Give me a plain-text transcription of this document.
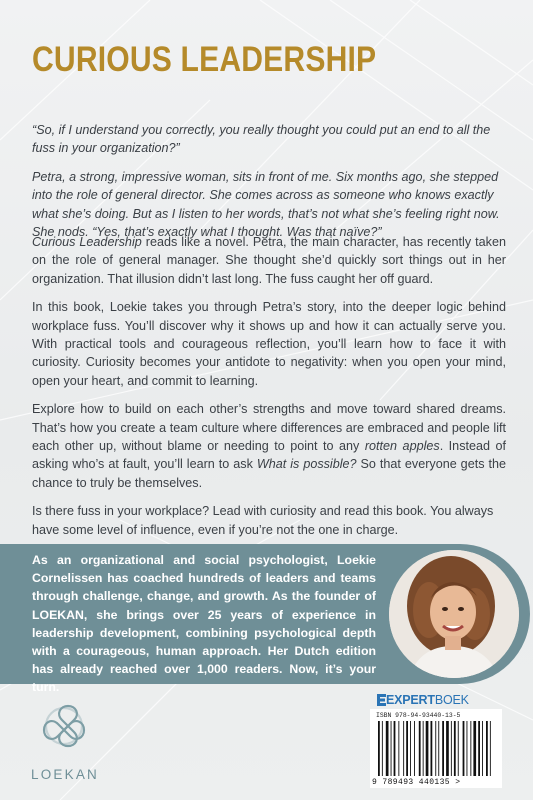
CURIOUS LEADERSHIP

“So, if I understand you correctly, you really thought you could put an end to all the fuss in your organization?”

Petra, a strong, impressive woman, sits in front of me. Six months ago, she stepped into the role of general director. She comes across as someone who knows exactly what she’s doing. But as I listen to her words, that’s not what she’s feeling right now. She nods. “Yes, that’s exactly what I thought. Was that naïve?”

Curious Leadership reads like a novel. Petra, the main character, has recently taken on the role of general manager. She thought she’d quickly sort things out in her organization. That illusion didn’t last long. The fuss caught her off guard.

In this book, Loekie takes you through Petra’s story, into the deeper logic behind workplace fuss. You’ll discover why it shows up and how it can actually serve you. With practical tools and courageous reflection, you’ll learn how to face it with curiosity. Curiosity becomes your antidote to negativity: when you open your mind, open your heart, and commit to learning.

Explore how to build on each other’s strengths and move toward shared dreams. That’s how you create a team culture where differences are embraced and people lift each other up, without blame or needing to point to any rotten apples. Instead of asking who’s at fault, you’ll learn to ask What is possible? So that everyone gets the chance to truly be themselves.

Is there fuss in your workplace? Lead with curiosity and read this book. You always have some level of influence, even if you’re not the one in charge.

As an organizational and social psychologist, Loekie Cornelissen has coached hundreds of leaders and teams through challenge, change, and growth. As the founder of LOEKAN, she brings over 25 years of experience in leadership development, combining psychological depth with a courageous, human approach. Her Dutch edition has already reached over 1,000 readers. Now, it’s your turn.
EXPERTBOEK
ISBN 978-94-93440-13-5
9 789493 440135 >
LOEKAN
